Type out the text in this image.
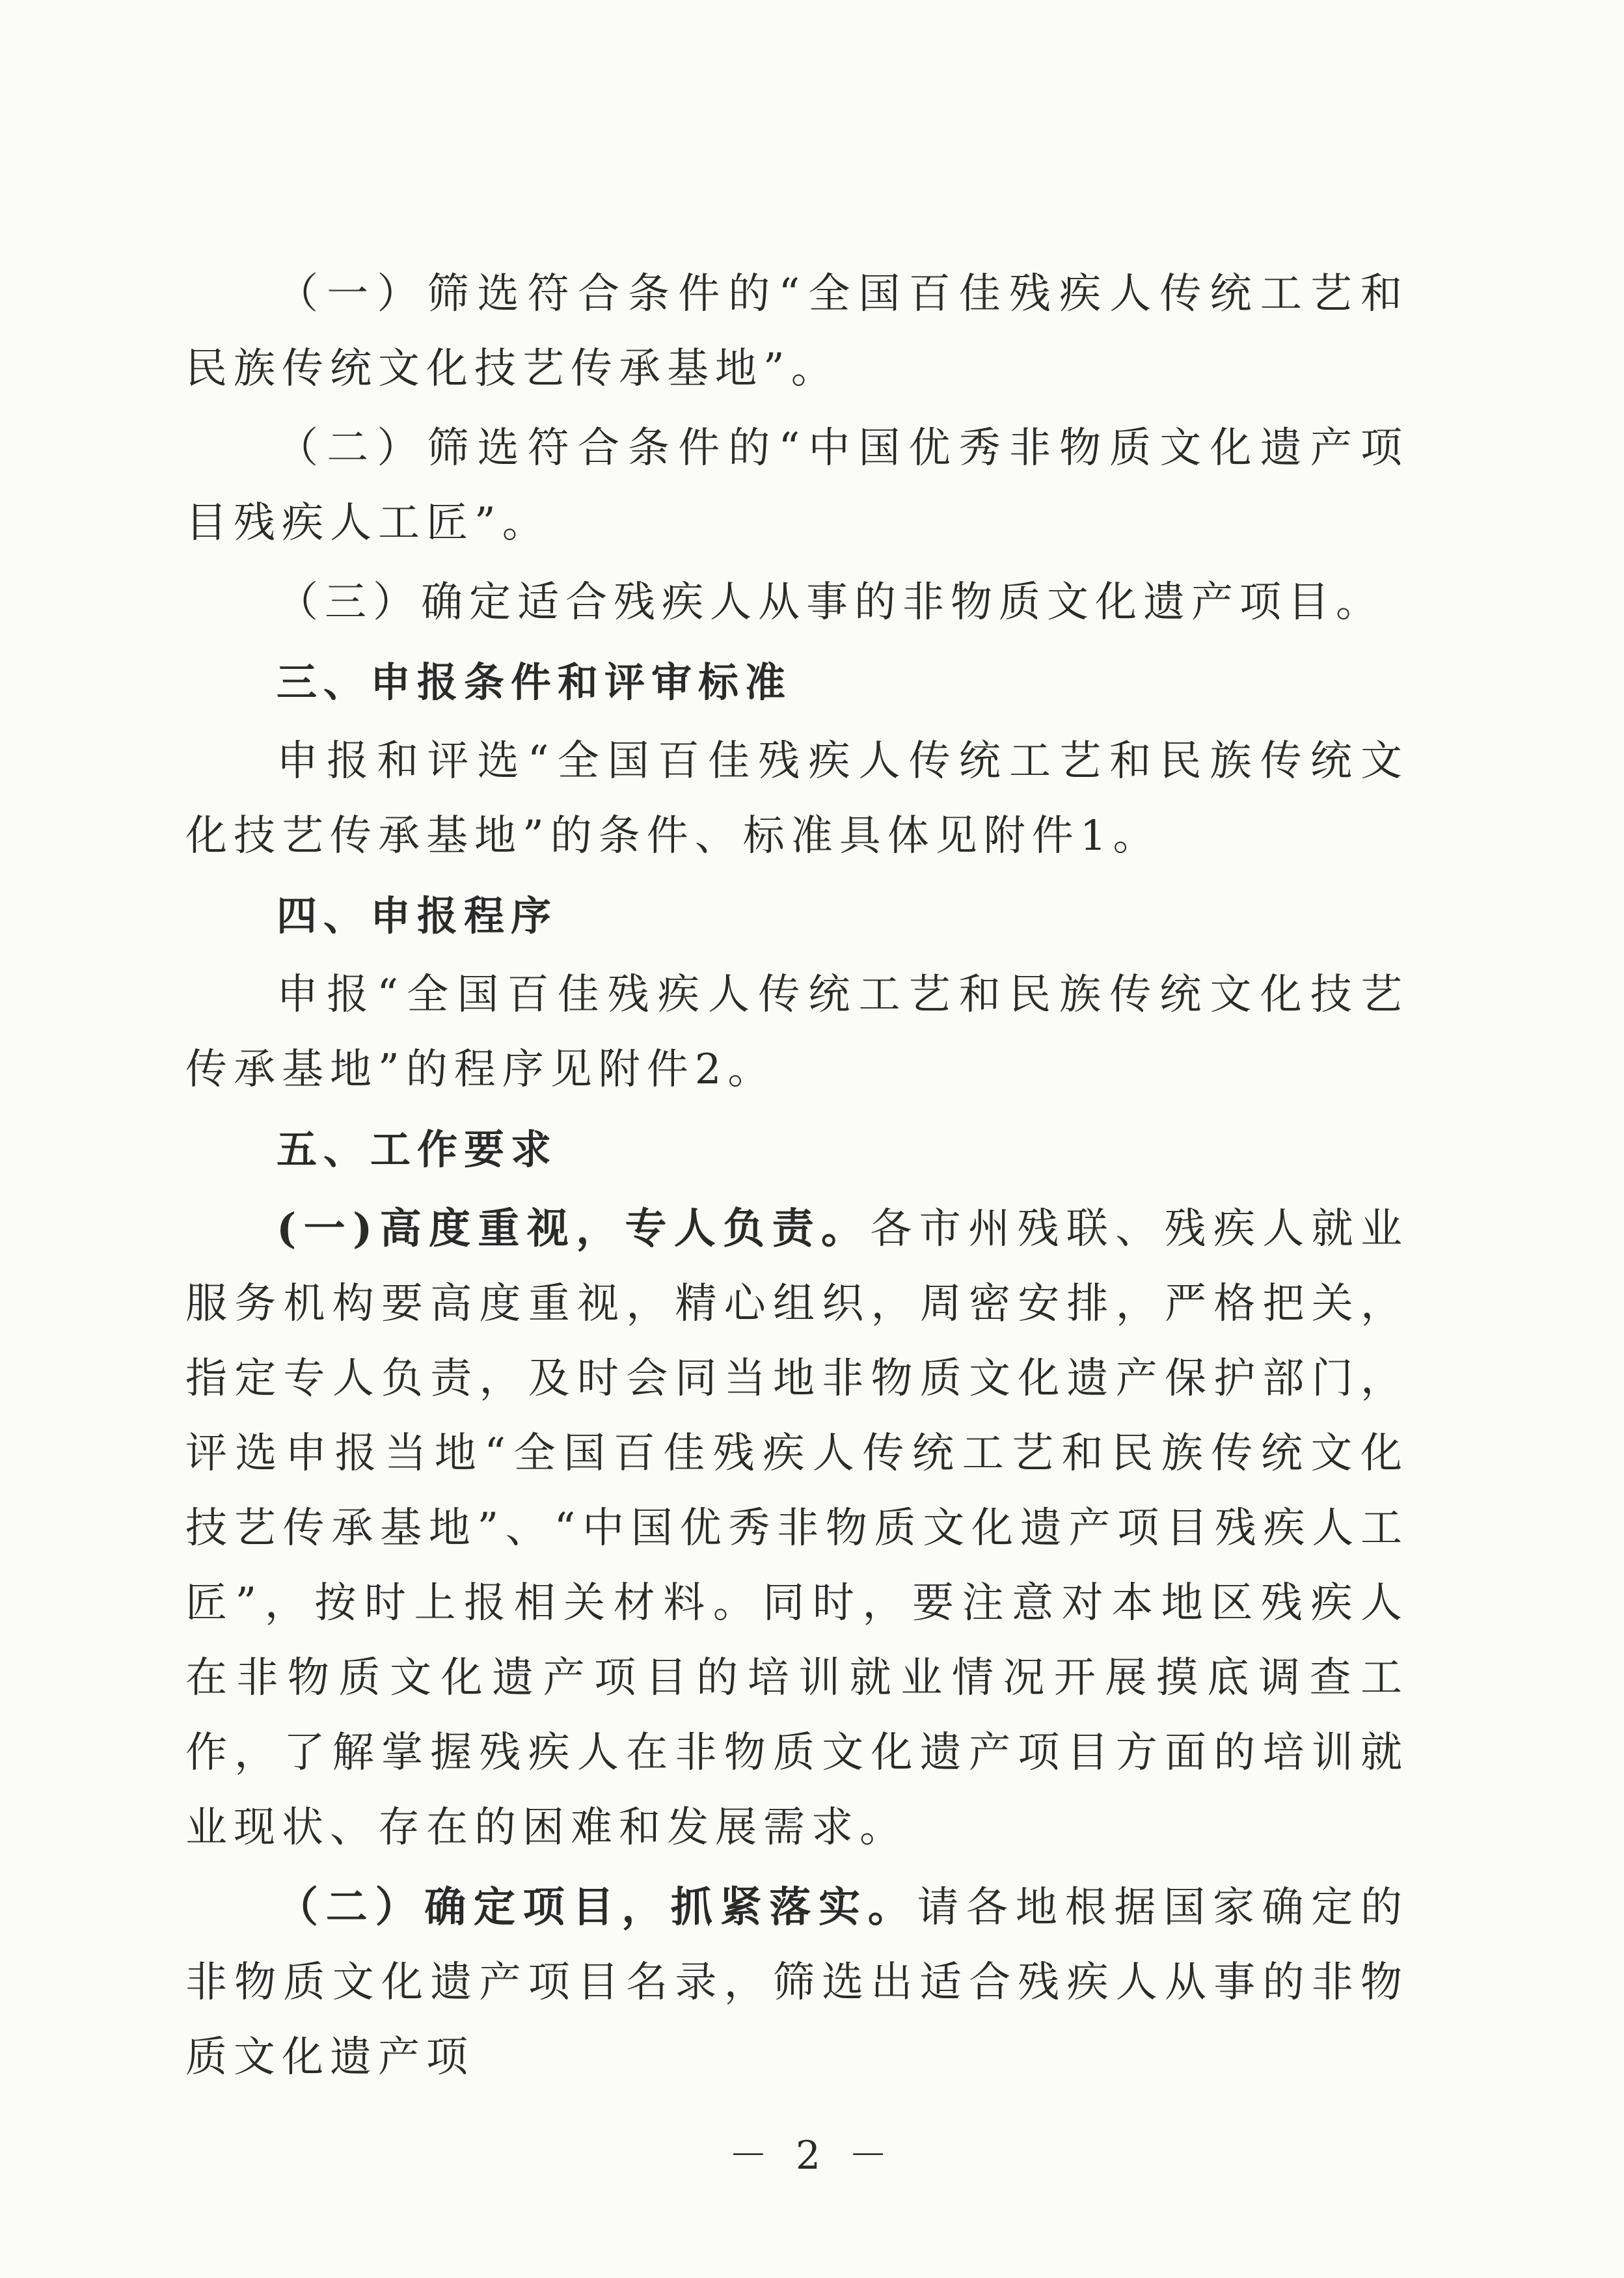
（一）筛选符合条件的“全国百佳残疾人传统工艺和民族传统文化技艺传承基地”。

（二）筛选符合条件的“中国优秀非物质文化遗产项目残疾人工匠”。

（三）确定适合残疾人从事的非物质文化遗产项目。

三、申报条件和评审标准

申报和评选“全国百佳残疾人传统工艺和民族传统文化技艺传承基地”的条件、标准具体见附件1。

四、申报程序

申报“全国百佳残疾人传统工艺和民族传统文化技艺传承基地”的程序见附件2。

五、工作要求

(一)高度重视，专人负责。各市州残联、残疾人就业服务机构要高度重视，精心组织，周密安排，严格把关，指定专人负责，及时会同当地非物质文化遗产保护部门，评选申报当地“全国百佳残疾人传统工艺和民族传统文化技艺传承基地”、“中国优秀非物质文化遗产项目残疾人工匠”，按时上报相关材料。同时，要注意对本地区残疾人在非物质文化遗产项目的培训就业情况开展摸底调查工作，了解掌握残疾人在非物质文化遗产项目方面的培训就业现状、存在的困难和发展需求。

（二）确定项目，抓紧落实。请各地根据国家确定的非物质文化遗产项目名录，筛选出适合残疾人从事的非物质文化遗产项

－ 2 －
